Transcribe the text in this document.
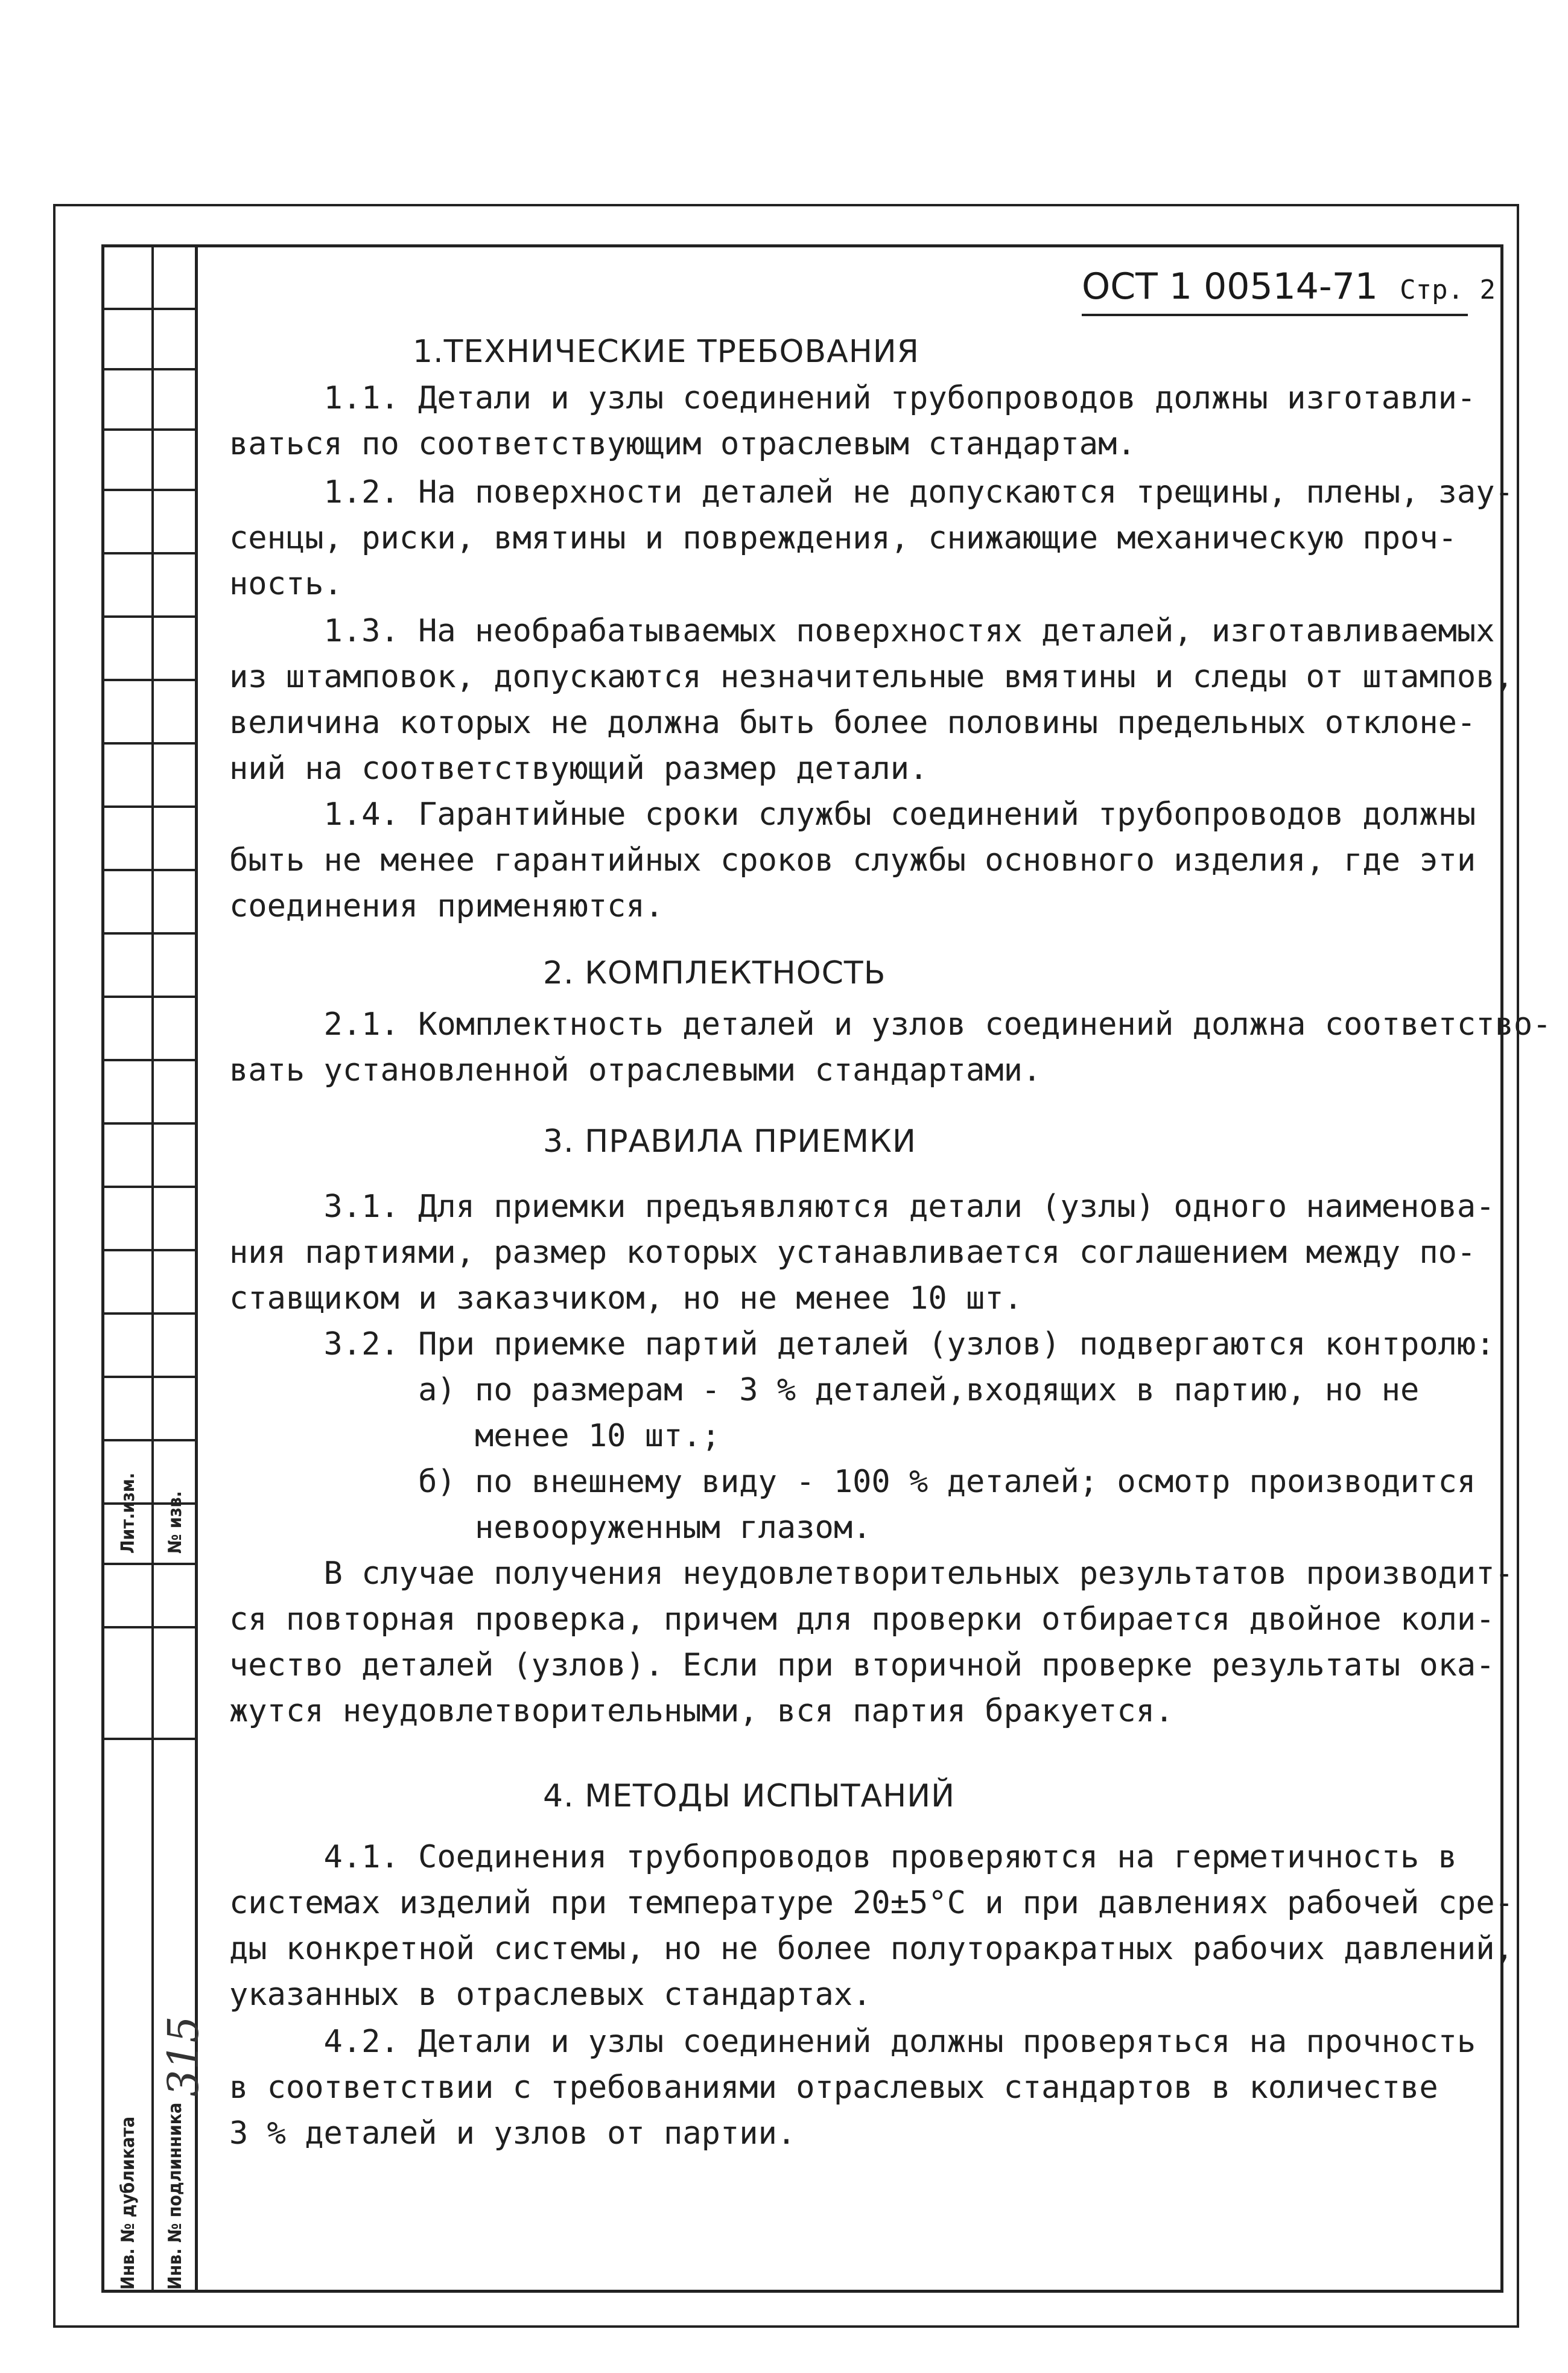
Лит.изм. № изв.
315
Инв. № дубликата Инв. № подлинника
ОСТ 1 00514-71 Стр. 2
1.ТЕХНИЧЕСКИЕ ТРЕБОВАНИЯ
2. КОМПЛЕКТНОСТЬ
3. ПРАВИЛА ПРИЕМКИ
4. МЕТОДЫ ИСПЫТАНИЙ
1.1. Детали и узлы соединений трубопроводов должны изготавли-
ваться по соответствующим отраслевым стандартам.
1.2. На поверхности деталей не допускаются трещины, плены, зау-
сенцы, риски, вмятины и повреждения, снижающие механическую проч-
ность.
1.3. На необрабатываемых поверхностях деталей, изготавливаемых
из штамповок, допускаются незначительные вмятины и следы от штампов,
величина которых не должна быть более половины предельных отклоне-
ний на соответствующий размер детали.
1.4. Гарантийные сроки службы соединений трубопроводов должны
быть не менее гарантийных сроков службы основного изделия, где эти
соединения применяются.
2.1. Комплектность деталей и узлов соединений должна соответство-
вать установленной отраслевыми стандартами.
3.1. Для приемки предъявляются детали (узлы) одного наименова-
ния партиями, размер которых устанавливается соглашением между по-
ставщиком и заказчиком, но не менее 10 шт.
3.2. При приемке партий деталей (узлов) подвергаются контролю:
а) по размерам - 3 % деталей,входящих в партию, но не
менее 10 шт.;
б) по внешнему виду - 100 % деталей; осмотр производится
невооруженным глазом.
В случае получения неудовлетворительных результатов производит-
ся повторная проверка, причем для проверки отбирается двойное коли-
чество деталей (узлов). Если при вторичной проверке результаты ока-
жутся неудовлетворительными, вся партия бракуется.
4.1. Соединения трубопроводов проверяются на герметичность в
системах изделий при температуре 20±5°С и при давлениях рабочей сре-
ды конкретной системы, но не более полуторакратных рабочих давлений,
указанных в отраслевых стандартах.
4.2. Детали и узлы соединений должны проверяться на прочность
в соответствии с требованиями отраслевых стандартов в количестве
3 % деталей и узлов от партии.
